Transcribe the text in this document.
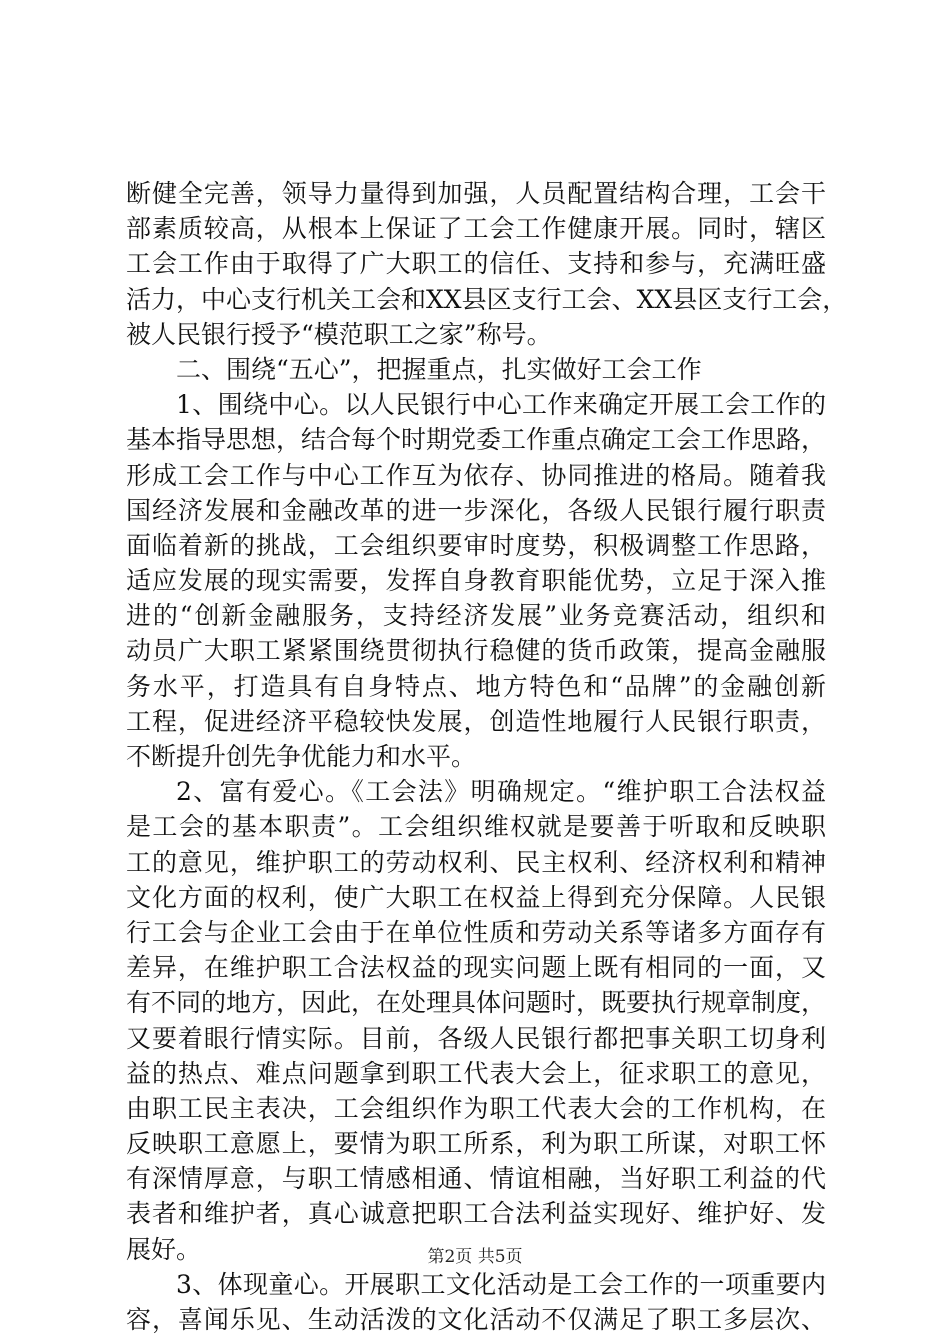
断健全完善，领导力量得到加强，人员配置结构合理，工会干
部素质较高，从根本上保证了工会工作健康开展。同时，辖区
工会工作由于取得了广大职工的信任、支持和参与，充满旺盛
活力，中心支行机关工会和XX县区支行工会、XX县区支行工会，
被人民银行授予“模范职工之家”称号。
二、围绕“五心”，把握重点，扎实做好工会工作
1、围绕中心。以人民银行中心工作来确定开展工会工作的
基本指导思想，结合每个时期党委工作重点确定工会工作思路，
形成工会工作与中心工作互为依存、协同推进的格局。随着我
国经济发展和金融改革的进一步深化，各级人民银行履行职责
面临着新的挑战，工会组织要审时度势，积极调整工作思路，
适应发展的现实需要，发挥自身教育职能优势，立足于深入推
进的“创新金融服务，支持经济发展”业务竞赛活动，组织和
动员广大职工紧紧围绕贯彻执行稳健的货币政策，提高金融服
务水平，打造具有自身特点、地方特色和“品牌”的金融创新
工程，促进经济平稳较快发展，创造性地履行人民银行职责，
不断提升创先争优能力和水平。
2、富有爱心。《工会法》明确规定。“维护职工合法权益
是工会的基本职责”。工会组织维权就是要善于听取和反映职
工的意见，维护职工的劳动权利、民主权利、经济权利和精神
文化方面的权利，使广大职工在权益上得到充分保障。人民银
行工会与企业工会由于在单位性质和劳动关系等诸多方面存有
差异，在维护职工合法权益的现实问题上既有相同的一面，又
有不同的地方，因此，在处理具体问题时，既要执行规章制度，
又要着眼行情实际。目前，各级人民银行都把事关职工切身利
益的热点、难点问题拿到职工代表大会上，征求职工的意见，
由职工民主表决，工会组织作为职工代表大会的工作机构，在
反映职工意愿上，要情为职工所系，利为职工所谋，对职工怀
有深情厚意，与职工情感相通、情谊相融，当好职工利益的代
表者和维护者，真心诚意把职工合法利益实现好、维护好、发
展好。
3、体现童心。开展职工文化活动是工会工作的一项重要内
容，喜闻乐见、生动活泼的文化活动不仅满足了职工多层次、
第2页 共5页
